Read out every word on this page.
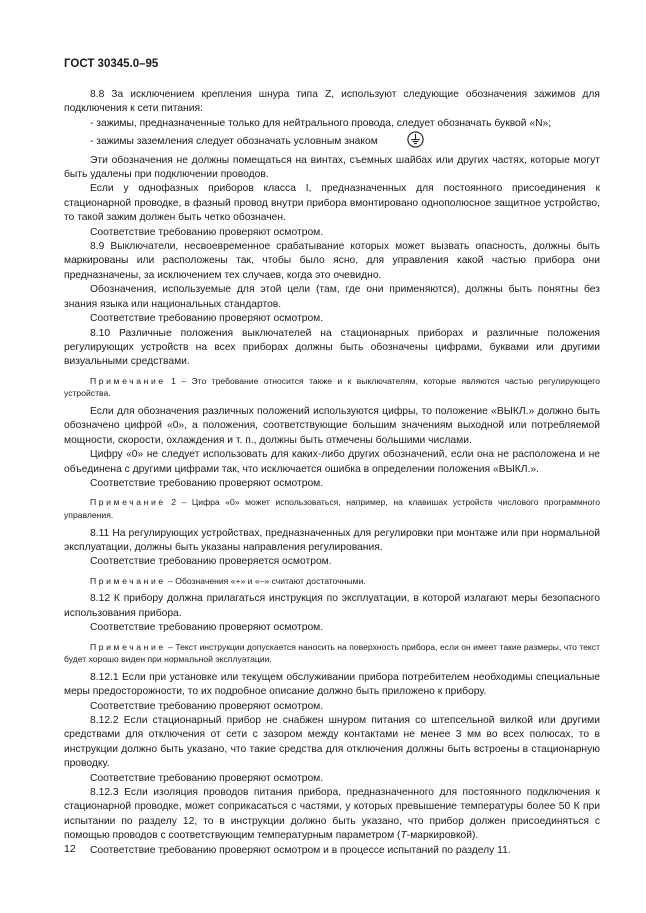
ГОСТ 30345.0–95

8.8 За исключением крепления шнура типа Z, используют следующие обозначения зажимов для подключения к сети питания:

- зажимы, предназначенные только для нейтрального провода, следует обозначать буквой «N»;

- зажимы заземления следует обозначать условным знаком

Эти обозначения не должны помещаться на винтах, съемных шайбах или других частях, которые могут быть удалены при подключении проводов.

Если у однофазных приборов класса I, предназначенных для постоянного присоединения к стационарной проводке, в фазный провод внутри прибора вмонтировано однополюсное защитное устройство, то такой зажим должен быть четко обозначен.

Соответствие требованию проверяют осмотром.

8.9 Выключатели, несвоевременное срабатывание которых может вызвать опасность, должны быть маркированы или расположены так, чтобы было ясно, для управления какой частью прибора они предназначены, за исключением тех случаев, когда это очевидно.

Обозначения, используемые для этой цели (там, где они применяются), должны быть понятны без знания языка или национальных стандартов.

Соответствие требованию проверяют осмотром.

8.10 Различные положения выключателей на стационарных приборах и различные положения регулирующих устройств на всех приборах должны быть обозначены цифрами, буквами или другими визуальными средствами.

Примечание 1 – Это требование относится также и к выключателям, которые являются частью регулирующего устройства.

Если для обозначения различных положений используются цифры, то положение «ВЫКЛ.» должно быть обозначено цифрой «0», а положения, соответствующие большим значениям выходной или потребляемой мощности, скорости, охлаждения и т. п., должны быть отмечены большими числами.

Цифру «0» не следует использовать для каких-либо других обозначений, если она не расположена и не объединена с другими цифрами так, что исключается ошибка в определении положения «ВЫКЛ.».

Соответствие требованию проверяют осмотром.

Примечание 2 – Цифра «0» может использоваться, например, на клавишах устройств числового программного управления.

8.11 На регулирующих устройствах, предназначенных для регулировки при монтаже или при нормальной эксплуатации, должны быть указаны направления регулирования.

Соответствие требованию проверяется осмотром.

Примечание – Обозначения «+» и «–» считают достаточными.

8.12 К прибору должна прилагаться инструкция по эксплуатации, в которой излагают меры безопасного использования прибора.

Соответствие требованию проверяют осмотром.

Примечание – Текст инструкции допускается наносить на поверхность прибора, если он имеет такие размеры, что текст будет хорошо виден при нормальной эксплуатации.

8.12.1 Если при установке или текущем обслуживании прибора потребителем необходимы специальные меры предосторожности, то их подробное описание должно быть приложено к прибору.

Соответствие требованию проверяют осмотром.

8.12.2 Если стационарный прибор не снабжен шнуром питания со штепсельной вилкой или другими средствами для отключения от сети с зазором между контактами не менее 3 мм во всех полюсах, то в инструкции должно быть указано, что такие средства для отключения должны быть встроены в стационарную проводку.

Соответствие требованию проверяют осмотром.

8.12.3 Если изоляция проводов питания прибора, предназначенного для постоянного подключения к стационарной проводке, может соприкасаться с частями, у которых превышение температуры более 50 К при испытании по разделу 12, то в инструкции должно быть указано, что прибор должен присоединяться с помощью проводов с соответствующим температурным параметром (T-маркировкой).

Соответствие требованию проверяют осмотром и в процессе испытаний по разделу 11.

12
